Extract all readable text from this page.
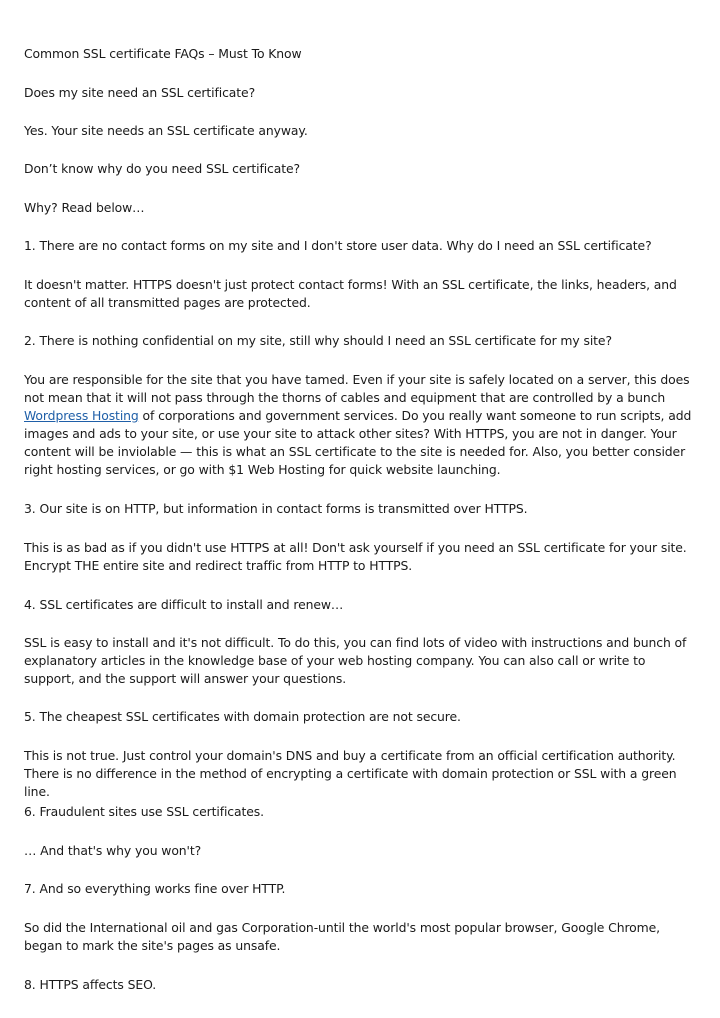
Common SSL certificate FAQs – Must To Know

Does my site need an SSL certificate?

Yes. Your site needs an SSL certificate anyway.

Don’t know why do you need SSL certificate?

Why? Read below…

1. There are no contact forms on my site and I don't store user data. Why do I need an SSL certificate?

It doesn't matter. HTTPS doesn't just protect contact forms! With an SSL certificate, the links, headers, and content of all transmitted pages are protected.

2. There is nothing confidential on my site, still why should I need an SSL certificate for my site?

You are responsible for the site that you have tamed. Even if your site is safely located on a server, this does not mean that it will not pass through the thorns of cables and equipment that are controlled by a bunch Wordpress Hosting of corporations and government services. Do you really want someone to run scripts, add images and ads to your site, or use your site to attack other sites? With HTTPS, you are not in danger. Your content will be inviolable — this is what an SSL certificate to the site is needed for. Also, you better consider right hosting services, or go with $1 Web Hosting for quick website launching.

3. Our site is on HTTP, but information in contact forms is transmitted over HTTPS.

This is as bad as if you didn't use HTTPS at all! Don't ask yourself if you need an SSL certificate for your site. Encrypt THE entire site and redirect traffic from HTTP to HTTPS.

4. SSL certificates are difficult to install and renew…

SSL is easy to install and it's not difficult. To do this, you can find lots of video with instructions and bunch of explanatory articles in the knowledge base of your web hosting company. You can also call or write to support, and the support will answer your questions.

5. The cheapest SSL certificates with domain protection are not secure.

This is not true. Just control your domain's DNS and buy a certificate from an official certification authority. There is no difference in the method of encrypting a certificate with domain protection or SSL with a green line.

6. Fraudulent sites use SSL certificates.

… And that's why you won't?

7. And so everything works fine over HTTP.

So did the International oil and gas Corporation-until the world's most popular browser, Google Chrome, began to mark the site's pages as unsafe.

8. HTTPS affects SEO.
